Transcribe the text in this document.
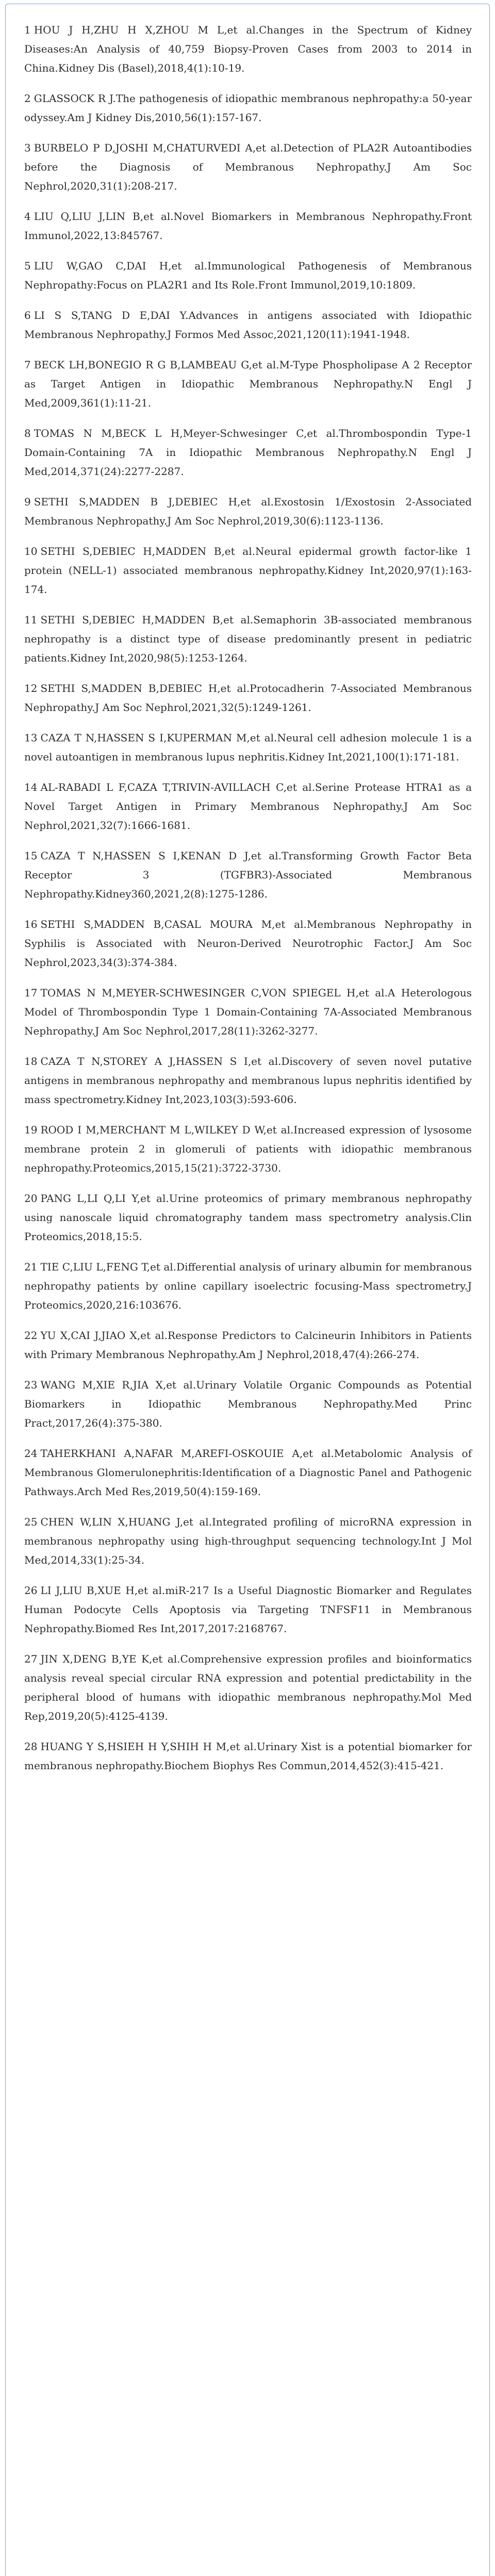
1 HOU J H,ZHU H X,ZHOU M L,et al.Changes in the Spectrum of Kidney Diseases:An Analysis of 40,759 Biopsy-Proven Cases from 2003 to 2014 in China.Kidney Dis (Basel),2018,4(1):10-19.
2 GLASSOCK R J.The pathogenesis of idiopathic membranous nephropathy:a 50-year odyssey.Am J Kidney Dis,2010,56(1):157-167.
3 BURBELO P D,JOSHI M,CHATURVEDI A,et al.Detection of PLA2R Autoantibodies before the Diagnosis of Membranous Nephropathy.J Am Soc Nephrol,2020,31(1):208-217.
4 LIU Q,LIU J,LIN B,et al.Novel Biomarkers in Membranous Nephropathy.Front Immunol,2022,13:845767.
5 LIU W,GAO C,DAI H,et al.Immunological Pathogenesis of Membranous Nephropathy:Focus on PLA2R1 and Its Role.Front Immunol,2019,10:1809.
6 LI S S,TANG D E,DAI Y.Advances in antigens associated with Idiopathic Membranous Nephropathy.J Formos Med Assoc,2021,120(11):1941-1948.
7 BECK LH,BONEGIO R G B,LAMBEAU G,et al.M-Type Phospholipase A 2 Receptor as Target Antigen in Idiopathic Membranous Nephropathy.N Engl J Med,2009,361(1):11-21.
8 TOMAS N M,BECK L H,Meyer-Schwesinger C,et al.Thrombospondin Type-1 Domain-Containing 7A in Idiopathic Membranous Nephropathy.N Engl J Med,2014,371(24):2277-2287.
9 SETHI S,MADDEN B J,DEBIEC H,et al.Exostosin 1/Exostosin 2-Associated Membranous Nephropathy.J Am Soc Nephrol,2019,30(6):1123-1136.
10 SETHI S,DEBIEC H,MADDEN B,et al.Neural epidermal growth factor-like 1 protein (NELL-1) associated membranous nephropathy.Kidney Int,2020,97(1):163-174.
11 SETHI S,DEBIEC H,MADDEN B,et al.Semaphorin 3B-associated membranous nephropathy is a distinct type of disease predominantly present in pediatric patients.Kidney Int,2020,98(5):1253-1264.
12 SETHI S,MADDEN B,DEBIEC H,et al.Protocadherin 7-Associated Membranous Nephropathy.J Am Soc Nephrol,2021,32(5):1249-1261.
13 CAZA T N,HASSEN S I,KUPERMAN M,et al.Neural cell adhesion molecule 1 is a novel autoantigen in membranous lupus nephritis.Kidney Int,2021,100(1):171-181.
14 AL-RABADI L F,CAZA T,TRIVIN-AVILLACH C,et al.Serine Protease HTRA1 as a Novel Target Antigen in Primary Membranous Nephropathy.J Am Soc Nephrol,2021,32(7):1666-1681.
15 CAZA T N,HASSEN S I,KENAN D J,et al.Transforming Growth Factor Beta Receptor 3 (TGFBR3)-Associated Membranous Nephropathy.Kidney360,2021,2(8):1275-1286.
16 SETHI S,MADDEN B,CASAL MOURA M,et al.Membranous Nephropathy in Syphilis is Associated with Neuron-Derived Neurotrophic Factor.J Am Soc Nephrol,2023,34(3):374-384.
17 TOMAS N M,MEYER-SCHWESINGER C,VON SPIEGEL H,et al.A Heterologous Model of Thrombospondin Type 1 Domain-Containing 7A-Associated Membranous Nephropathy.J Am Soc Nephrol,2017,28(11):3262-3277.
18 CAZA T N,STOREY A J,HASSEN S I,et al.Discovery of seven novel putative antigens in membranous nephropathy and membranous lupus nephritis identified by mass spectrometry.Kidney Int,2023,103(3):593-606.
19 ROOD I M,MERCHANT M L,WILKEY D W,et al.Increased expression of lysosome membrane protein 2 in glomeruli of patients with idiopathic membranous nephropathy.Proteomics,2015,15(21):3722-3730.
20 PANG L,LI Q,LI Y,et al.Urine proteomics of primary membranous nephropathy using nanoscale liquid chromatography tandem mass spectrometry analysis.Clin Proteomics,2018,15:5.
21 TIE C,LIU L,FENG T,et al.Differential analysis of urinary albumin for membranous nephropathy patients by online capillary isoelectric focusing-Mass spectrometry.J Proteomics,2020,216:103676.
22 YU X,CAI J,JIAO X,et al.Response Predictors to Calcineurin Inhibitors in Patients with Primary Membranous Nephropathy.Am J Nephrol,2018,47(4):266-274.
23 WANG M,XIE R,JIA X,et al.Urinary Volatile Organic Compounds as Potential Biomarkers in Idiopathic Membranous Nephropathy.Med Princ Pract,2017,26(4):375-380.
24 TAHERKHANI A,NAFAR M,AREFI-OSKOUIE A,et al.Metabolomic Analysis of Membranous Glomerulonephritis:Identification of a Diagnostic Panel and Pathogenic Pathways.Arch Med Res,2019,50(4):159-169.
25 CHEN W,LIN X,HUANG J,et al.Integrated profiling of microRNA expression in membranous nephropathy using high-throughput sequencing technology.Int J Mol Med,2014,33(1):25-34.
26 LI J,LIU B,XUE H,et al.miR-217 Is a Useful Diagnostic Biomarker and Regulates Human Podocyte Cells Apoptosis via Targeting TNFSF11 in Membranous Nephropathy.Biomed Res Int,2017,2017:2168767.
27 JIN X,DENG B,YE K,et al.Comprehensive expression profiles and bioinformatics analysis reveal special circular RNA expression and potential predictability in the peripheral blood of humans with idiopathic membranous nephropathy.Mol Med Rep,2019,20(5):4125-4139.
28 HUANG Y S,HSIEH H Y,SHIH H M,et al.Urinary Xist is a potential biomarker for membranous nephropathy.Biochem Biophys Res Commun,2014,452(3):415-421.
